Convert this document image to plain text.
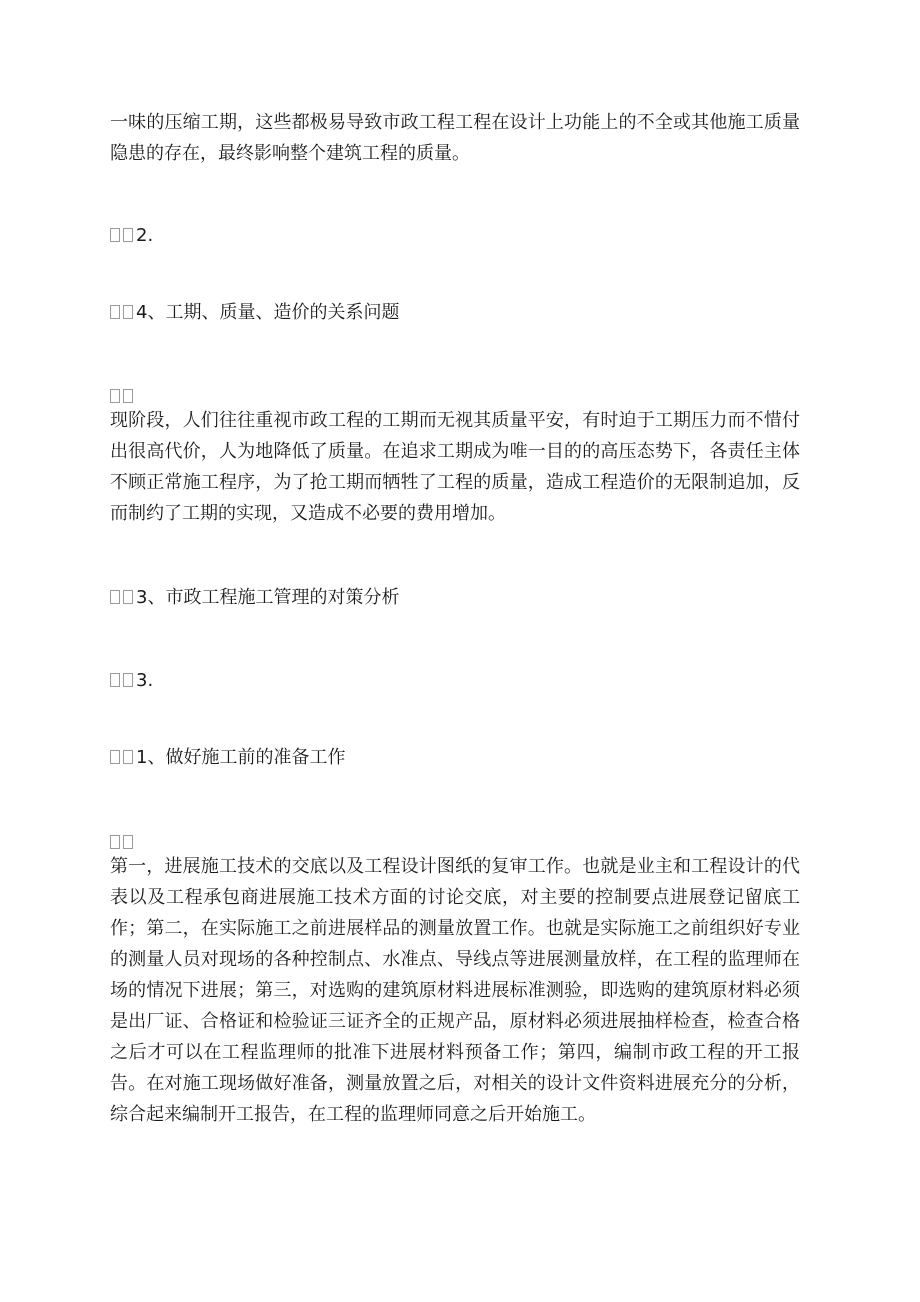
一味的压缩工期，这些都极易导致市政工程工程在设计上功能上的不全或其他施工质量隐患的存在，最终影响整个建筑工程的质量。

2.
4、工期、质量、造价的关系问题

现阶段，人们往往重视市政工程的工期而无视其质量平安，有时迫于工期压力而不惜付出很高代价，人为地降低了质量。在追求工期成为唯一目的的高压态势下，各责任主体不顾正常施工程序，为了抢工期而牺牲了工程的质量，造成工程造价的无限制追加，反而制约了工期的实现，又造成不必要的费用增加。

3、市政工程施工管理的对策分析
3.
1、做好施工前的准备工作

第一，进展施工技术的交底以及工程设计图纸的复审工作。也就是业主和工程设计的代表以及工程承包商进展施工技术方面的讨论交底，对主要的控制要点进展登记留底工作；第二，在实际施工之前进展样品的测量放置工作。也就是实际施工之前组织好专业的测量人员对现场的各种控制点、水准点、导线点等进展测量放样，在工程的监理师在场的情况下进展；第三，对选购的建筑原材料进展标准测验，即选购的建筑原材料必须是出厂证、合格证和检验证三证齐全的正规产品，原材料必须进展抽样检查，检查合格之后才可以在工程监理师的批准下进展材料预备工作；第四，编制市政工程的开工报告。在对施工现场做好准备，测量放置之后，对相关的设计文件资料进展充分的分析，综合起来编制开工报告，在工程的监理师同意之后开始施工。
